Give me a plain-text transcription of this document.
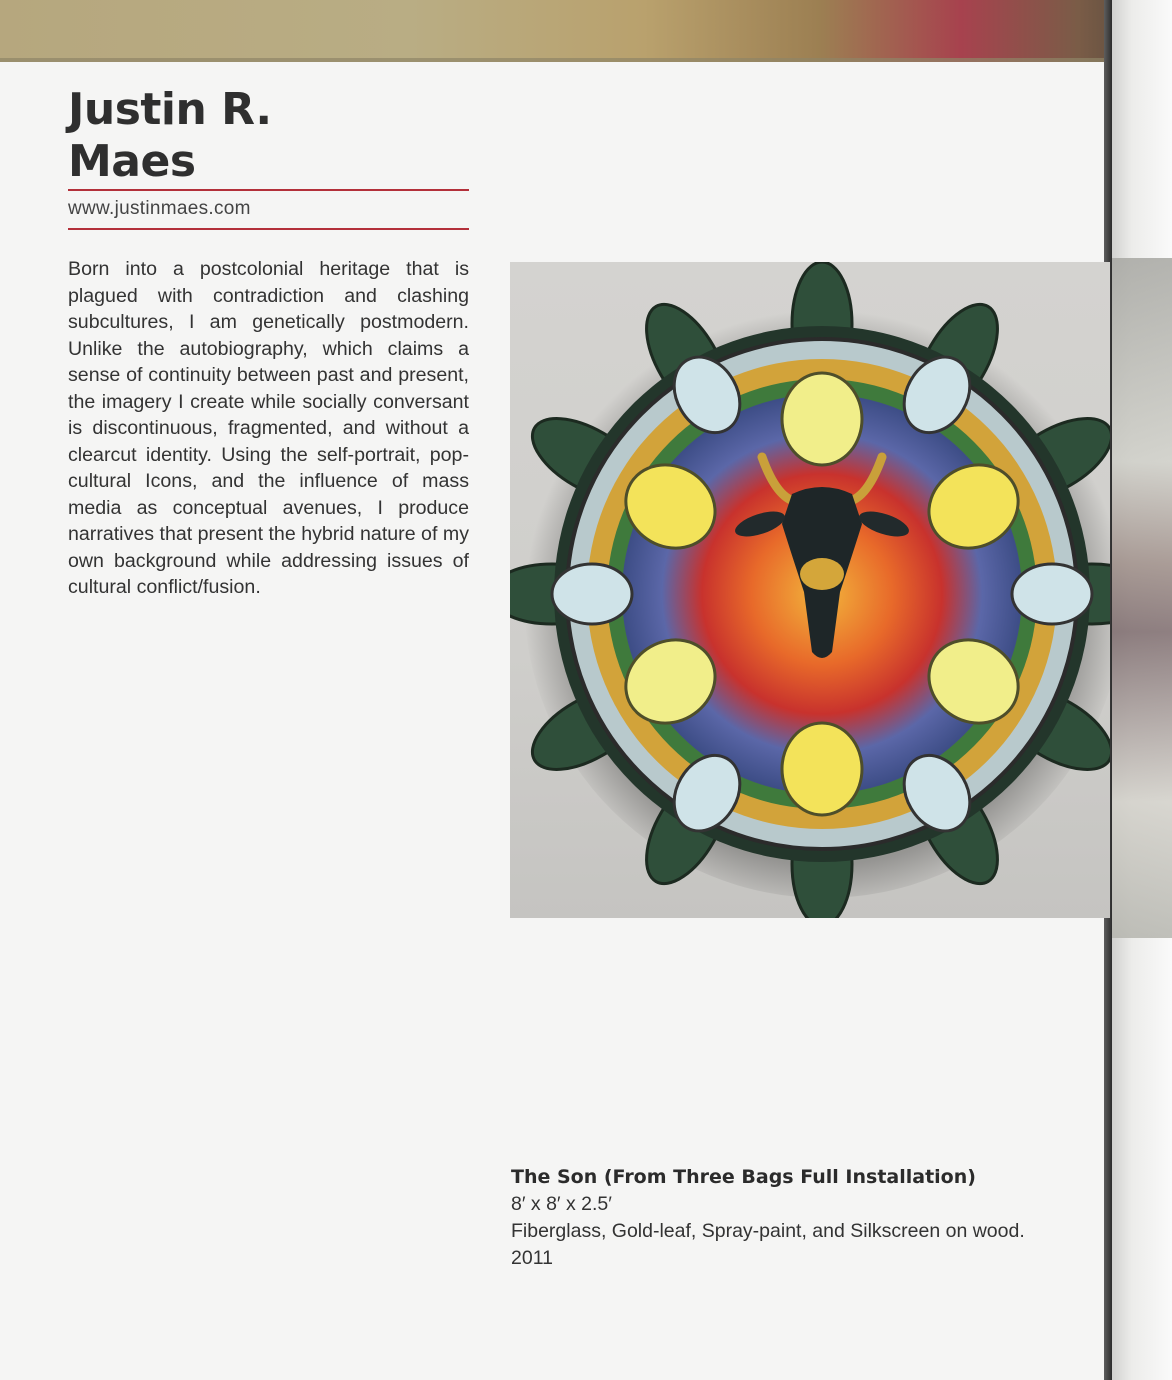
Justin R.
Maes
www.justinmaes.com
Born into a postcolonial heritage that is plagued with contradiction and clashing subcultures, I am genetically postmodern. Unlike the autobiography, which claims a sense of continuity between past and present, the imagery I create while socially conversant is discontinuous, fragmented, and without a clearcut identity. Using the self-portrait, popcultural Icons, and the influence of mass media as conceptual avenues, I produce narratives that present the hybrid nature of my own background while addressing issues of cultural conflict/fusion.
The Son (From Three Bags Full Installation)
8′ x 8′ x 2.5′
Fiberglass, Gold-leaf, Spray-paint, and Silkscreen on wood.
2011
